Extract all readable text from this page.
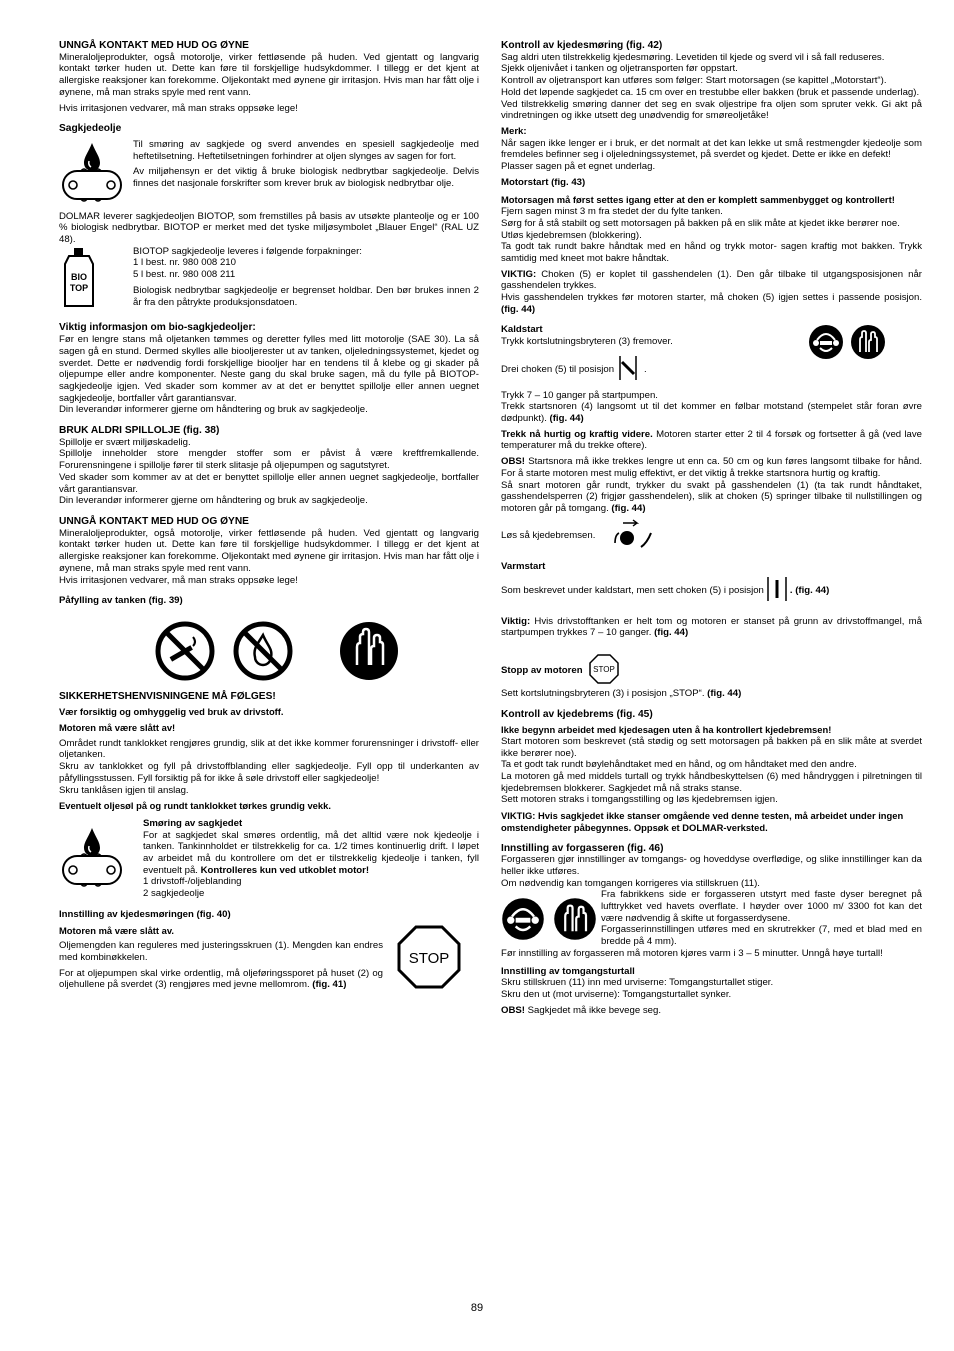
UNNGÅ KONTAKT MED HUD OG ØYNE

Mineraloljeprodukter, også motorolje, virker fettløsende på huden. Ved gjentatt og langvarig kontakt tørker huden ut. Dette kan føre til forskjellige hudsykdommer. I tillegg er det kjent at allergiske reaksjoner kan forekomme. Oljekontakt med øynene gir irritasjon. Hvis man har fått olje i øynene, må man straks spyle med rent vann.

Hvis irritasjonen vedvarer, må man straks oppsøke lege!

Sagkjedeolje

Til smøring av sagkjede og sverd anvendes en spesiell sagkjedeolje med heftetilsetning. Heftetilsetningen forhindrer at oljen slynges av sagen for fort.

Av miljøhensyn er det viktig å bruke biologisk nedbrytbar sagkjedeolje. Delvis finnes det nasjonale forskrifter som krever bruk av biologisk nedbrytbar olje.

DOLMAR leverer sagkjedeoljen BIOTOP, som fremstilles på basis av utsøkte planteolje og er 100 % biologisk nedbrytbar. BIOTOP er merket med det tyske miljøsymbolet „Blauer Engel“ (RAL UZ 48).

BIO
TOP

BIOTOP sagkjedeolje leveres i følgende forpakninger:

1 l best. nr. 980 008 210

5 l best. nr. 980 008 211

Biologisk nedbrytbar sagkjedeolje er begrenset holdbar. Den bør brukes innen 2 år fra den påtrykte produksjonsdatoen.

Viktig informasjon om bio-sagkjedeoljer:

Før en lengre stans må oljetanken tømmes og deretter fylles med litt motorolje (SAE 30). La så sagen gå en stund. Dermed skylles alle biooljerester ut av tanken, oljeledningssystemet, kjedet og sverdet. Dette er nødvendig fordi forskjellige biooljer har en tendens til å klebe og gi skader på oljepumpe eller andre komponenter. Neste gang du skal bruke sagen, må du fylle på BIOTOP-sagkjedeolje igjen. Ved skader som kommer av at det er benyttet spillolje eller annen uegnet sagkjedeolje, bortfaller vårt garantiansvar.

Din leverandør informerer gjerne om håndtering og bruk av sagkjedeolje.

BRUK ALDRI SPILLOLJE (fig. 38)

Spillolje er svært miljøskadelig.

Spillolje inneholder store mengder stoffer som er påvist å være kreftfremkallende. Forurensningene i spillolje fører til sterk slitasje på oljepumpen og sagutstyret.

Ved skader som kommer av at det er benyttet spillolje eller annen uegnet sagkjedeolje, bortfaller vårt garantiansvar.

Din leverandør informerer gjerne om håndtering og bruk av sagkjedeolje.

UNNGÅ KONTAKT MED HUD OG ØYNE

Mineraloljeprodukter, også motorolje, virker fettløsende på huden. Ved gjentatt og langvarig kontakt tørker huden ut. Dette kan føre til forskjellige hudsykdommer. I tillegg er det kjent at allergiske reaksjoner kan forekomme. Oljekontakt med øynene gir irritasjon. Hvis man har fått olje i øynene, må man straks spyle med rent vann.

Hvis irritasjonen vedvarer, må man straks oppsøke lege!

Påfylling av tanken (fig. 39)

SIKKERHETSHENVISNINGENE MÅ FØLGES!

Vær forsiktig og omhyggelig ved bruk av drivstoff.

Motoren må være slått av!

Området rundt tanklokket rengjøres grundig, slik at det ikke kommer forurensninger i drivstoff- eller oljetanken.

Skru av tanklokket og fyll på drivstoffblanding eller sagkjedeolje. Fyll opp til underkanten av påfyllingsstussen. Fyll forsiktig på for ikke å søle drivstoff eller sagkjedeolje!

Skru tanklåsen igjen til anslag.

Eventuelt oljesøl på og rundt tanklokket tørkes grundig vekk.

Smøring av sagkjedet

For at sagkjedet skal smøres ordentlig, må det alltid være nok kjedeolje i tanken. Tankinnholdet er tilstrekkelig for ca. 1/2 times kontinuerlig drift. I løpet av arbeidet må du kontrollere om det er tilstrekkelig kjedeolje i tanken, fyll eventuelt på. Kontrolleres kun ved utkoblet motor!

1 drivstoff-/oljeblanding

2 sagkjedeolje

Innstilling av kjedesmøringen (fig. 40)

Motoren må være slått av.

Oljemengden kan reguleres med justeringsskruen (1). Mengden kan endres med kombinøkkelen.

For at oljepumpen skal virke ordentlig, må oljeføringssporet på huset (2) og oljehullene på sverdet (3) rengjøres med jevne mellomrom. (fig. 41)

STOP

Kontroll av kjedesmøring (fig. 42)

Sag aldri uten tilstrekkelig kjedesmøring. Levetiden til kjede og sverd vil i så fall reduseres.

Sjekk oljenivået i tanken og oljetransporten før oppstart.

Kontroll av oljetransport kan utføres som følger: Start motorsagen (se kapittel „Motorstart“).

Hold det løpende sagkjedet ca. 15 cm over en trestubbe eller bakken (bruk et passende underlag).

Ved tilstrekkelig smøring danner det seg en svak oljestripe fra oljen som spruter vekk. Gi akt på vindretningen og ikke utsett deg unødvendig for smøreoljetåke!

Merk:

Når sagen ikke lenger er i bruk, er det normalt at det kan lekke ut små restmengder kjedeolje som fremdeles befinner seg i oljeledningssystemet, på sverdet og kjedet. Dette er ikke en defekt!

Plasser sagen på et egnet underlag.

Motorstart (fig. 43)

Motorsagen må først settes igang etter at den er komplett sammenbygget og kontrollert!

Fjern sagen minst 3 m fra stedet der du fylte tanken.

Sørg for å stå stabilt og sett motorsagen på bakken på en slik måte at kjedet ikke berører noe.

Utløs kjedebremsen (blokkering).

Ta godt tak rundt bakre håndtak med en hånd og trykk motor- sagen kraftig mot bakken. Trykk samtidig med kneet mot bakre håndtak.

VIKTIG: Choken (5) er koplet til gasshendelen (1). Den går tilbake til utgangsposisjonen når gasshendelen trykkes.

Hvis gasshendelen trykkes før motoren starter, må choken (5) igjen settes i passende posisjon. (fig. 44)

Kaldstart

Trykk kortslutningsbryteren (3) fremover.

Drei choken (5) til posisjon	.

Trykk 7 – 10 ganger på startpumpen.

Trekk startsnoren (4) langsomt ut til det kommer en følbar motstand (stempelet står foran øvre dødpunkt). (fig. 44)

Trekk nå hurtig og kraftig videre. Motoren starter etter 2 til 4 forsøk og fortsetter å gå (ved lave temperaturer må du trekke oftere).

OBS! Startsnora må ikke trekkes lengre ut enn ca. 50 cm og kun føres langsomt tilbake for hånd. For å starte motoren mest mulig effektivt, er det viktig å trekke startsnora hurtig og kraftig.

Så snart motoren går rundt, trykker du svakt på gasshendelen (1) (ta tak rundt håndtaket, gasshendelsperren (2) frigjør gasshendelen), slik at choken (5) springer tilbake til nullstillingen og motoren går på tomgang. (fig. 44)

Løs så kjedebremsen.

Varmstart

Som beskrevet under kaldstart, men sett choken (5) i posisjon	. (fig. 44)

Viktig: Hvis drivstofftanken er helt tom og motoren er stanset på grunn av drivstoffmangel, må startpumpen trykkes 7 – 10 ganger. (fig. 44)

Stopp av motoren STOP

Sett kortslutningsbryteren (3) i posisjon „STOP“. (fig. 44)

Kontroll av kjedebrems (fig. 45)

Ikke begynn arbeidet med kjedesagen uten å ha kontrollert kjedebremsen!

Start motoren som beskrevet (stå stødig og sett motorsagen på bakken på en slik måte at sverdet ikke berører noe).

Ta et godt tak rundt bøylehåndtaket med en hånd, og om håndtaket med den andre.

La motoren gå med middels turtall og trykk håndbeskyttelsen (6) med håndryggen i pilretningen til kjedebremsen blokkerer. Sagkjedet må nå straks stanse.

Sett motoren straks i tomgangsstilling og løs kjedebremsen igjen.

VIKTIG: Hvis sagkjedet ikke stanser omgående ved denne testen, må arbeidet under ingen omstendigheter påbegynnes. Oppsøk et DOLMAR-verksted.

Innstilling av forgasseren (fig. 46)

Forgasseren gjør innstillinger av tomgangs- og hoveddyse overflødige, og slike innstillinger kan da heller ikke utføres.

Om nødvendig kan tomgangen korrigeres via stillskruen (11).

Fra fabrikkens side er forgasseren utstyrt med faste dyser beregnet på lufttrykket ved havets overflate. I høyder over 1000 m/ 3300 fot kan det være nødvendig å skifte ut forgasserdysene.

Forgasserinnstillingen utføres med en skrutrekker (7, med et blad med en bredde på 4 mm).

Før innstilling av forgasseren må motoren kjøres varm i 3 – 5 minutter. Unngå høye turtall!

Innstilling av tomgangsturtall

Skru stillskruen (11) inn med urviserne: Tomgangsturtallet stiger.

Skru den ut (mot urviserne): Tomgangsturtallet synker.

OBS! Sagkjedet må ikke bevege seg.

89
